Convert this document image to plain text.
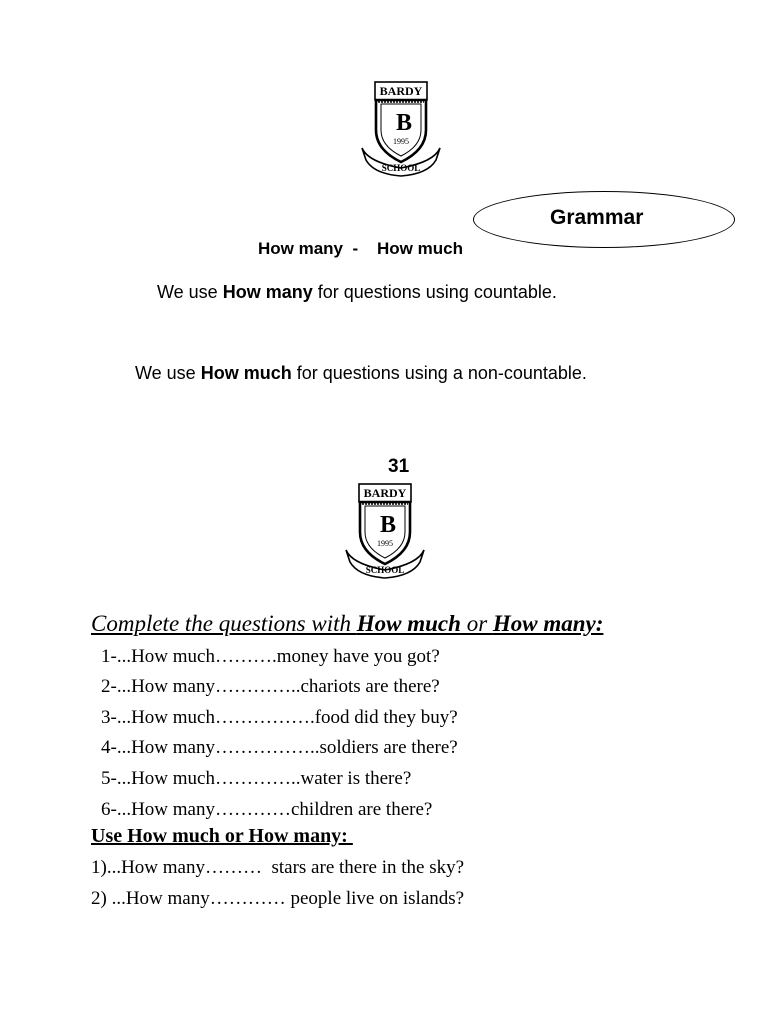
BARDY
B
1995
SCHOOL
Grammar
How many  -    How much
We use How many for questions using countable.
We use How much for questions using a non-countable.
31
BARDY
B
1995
SCHOOL
Complete the questions with How much or How many:
1-...How much……….money have you got?
2-...How many…………..chariots are there?
3-...How much…………….food did they buy?
4-...How many……………..soldiers are there?
5-...How much…………..water is there?
6-...How many…………children are there?
Use How much or How many:
1)...How many………  stars are there in the sky?
2) ...How many………… people live on islands?
